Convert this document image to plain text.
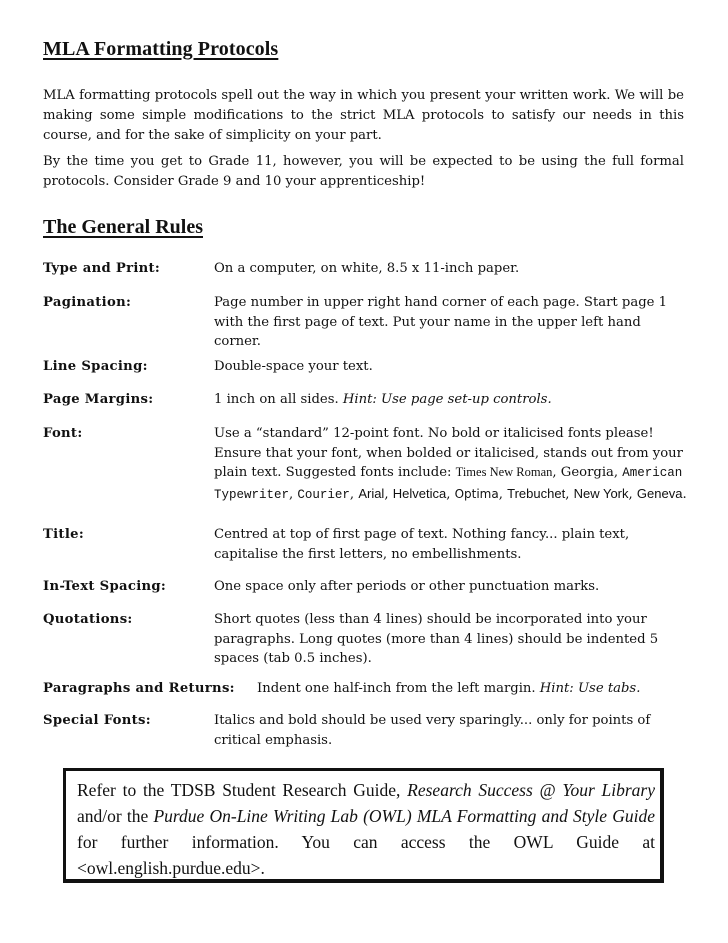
MLA Formatting Protocols

MLA formatting protocols spell out the way in which you present your written work. We will be making some simple modifications to the strict MLA protocols to satisfy our needs in this course, and for the sake of simplicity on your part.

By the time you get to Grade 11, however, you will be expected to be using the full formal protocols. Consider Grade 9 and 10 your apprenticeship!

The General Rules
Type and Print:	On a computer, on white, 8.5 x 11-inch paper.

Pagination:	Page number in upper right hand corner of each page. Start page 1 with the first page of text. Put your name in the upper left hand corner.

Line Spacing:	Double-space your text.

Page Margins:	1 inch on all sides. Hint: Use page set-up controls.

Font:	Use a “standard” 12-point font. No bold or italicised fonts please! Ensure that your font, when bolded or italicised, stands out from your plain text. Suggested fonts include: Times New Roman, Georgia, American Typewriter, Courier, Arial, Helvetica, Optima, Trebuchet, New York, Geneva.

Title:	Centred at top of first page of text. Nothing fancy... plain text, capitalise the first letters, no embellishments.

In-Text Spacing:	One space only after periods or other punctuation marks.

Quotations:	Short quotes (less than 4 lines) should be incorporated into your paragraphs. Long quotes (more than 4 lines) should be indented 5 spaces (tab 0.5 inches).

Paragraphs and Returns: Indent one half-inch from the left margin. Hint: Use tabs.

Special Fonts:	Italics and bold should be used very sparingly... only for points of critical emphasis.

Refer to the TDSB Student Research Guide, Research Success @ Your Library and/or the Purdue On-Line Writing Lab (OWL) MLA Formatting and Style Guide for further information. You can access the OWL Guide at <owl.english.purdue.edu>.
